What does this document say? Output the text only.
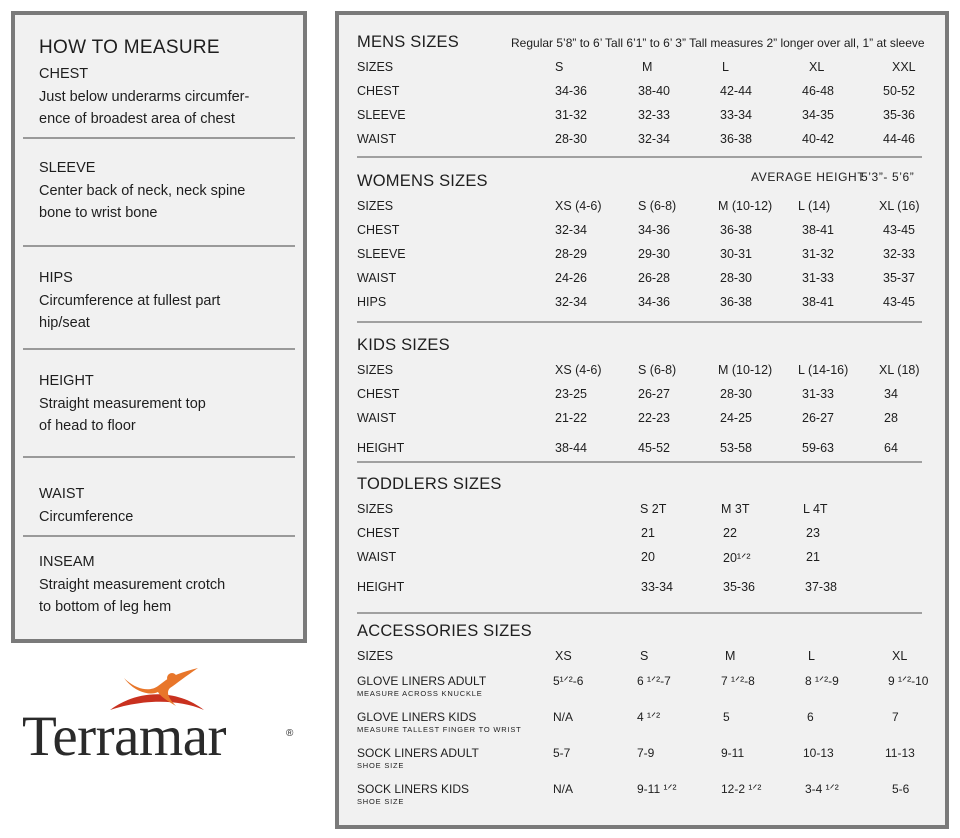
HOW TO MEASURE
CHEST
Just below underarms circumfer-
ence of broadest area of chest
SLEEVE
Center back of neck, neck spine
bone to wrist bone
HIPS
Circumference at fullest part
hip/seat
HEIGHT
Straight measurement top
of head to floor
WAIST
Circumference
INSEAM
Straight measurement crotch
to bottom of leg hem
Terramar	®
MENS SIZES	Regular 5’8” to 6’ Tall 6’1” to 6’ 3” Tall measures 2” longer over all, 1” at sleeve
SIZES	S	M	L	XL	XXL
CHEST	34-36	38-40	42-44	46-48	50-52
SLEEVE	31-32	32-33	33-34	34-35	35-36
WAIST	28-30	32-34	36-38	40-42	44-46
WOMENS SIZES	AVERAGE HEIGHT
5’3”- 5’6”
SIZES	XS (4-6)	S (6-8)	M (10-12) L (14)	XL (16)
CHEST	32-34	34-36	36-38	38-41	43-45
SLEEVE	28-29	29-30	30-31	31-32	32-33
WAIST	24-26	26-28	28-30	31-33	35-37
HIPS	32-34	34-36	36-38	38-41	43-45
KIDS SIZES
SIZES	XS (4-6)	S (6-8)	M (10-12) L (14-16) XL (18)
CHEST	23-25	26-27	28-30	31-33	34
WAIST	21-22	22-23	24-25	26-27	28
HEIGHT	38-44	45-52	53-58	59-63	64
TODDLERS SIZES
SIZES	S 2T	M 3T	L 4T
CHEST	21	22	23
WAIST	20	20¹ᐟ²	21
HEIGHT	33-34	35-36	37-38
ACCESSORIES SIZES
SIZES	XS	S	M	L	XL
GLOVE LINERS ADULT
MEASURE ACROSS KNUCKLE
5¹ᐟ²-6	6 ¹ᐟ²-7	7 ¹ᐟ²-8	8 ¹ᐟ²-9	9 ¹ᐟ²-10
GLOVE LINERS KIDS
MEASURE TALLEST FINGER TO WRIST
N/A	4 ¹ᐟ²	5	6	7
SOCK LINERS ADULT
SHOE SIZE
5-7	7-9	9-11	10-13	11-13
SOCK LINERS KIDS
SHOE SIZE
N/A	9-11 ¹ᐟ²	12-2 ¹ᐟ²	3-4 ¹ᐟ²	5-6
